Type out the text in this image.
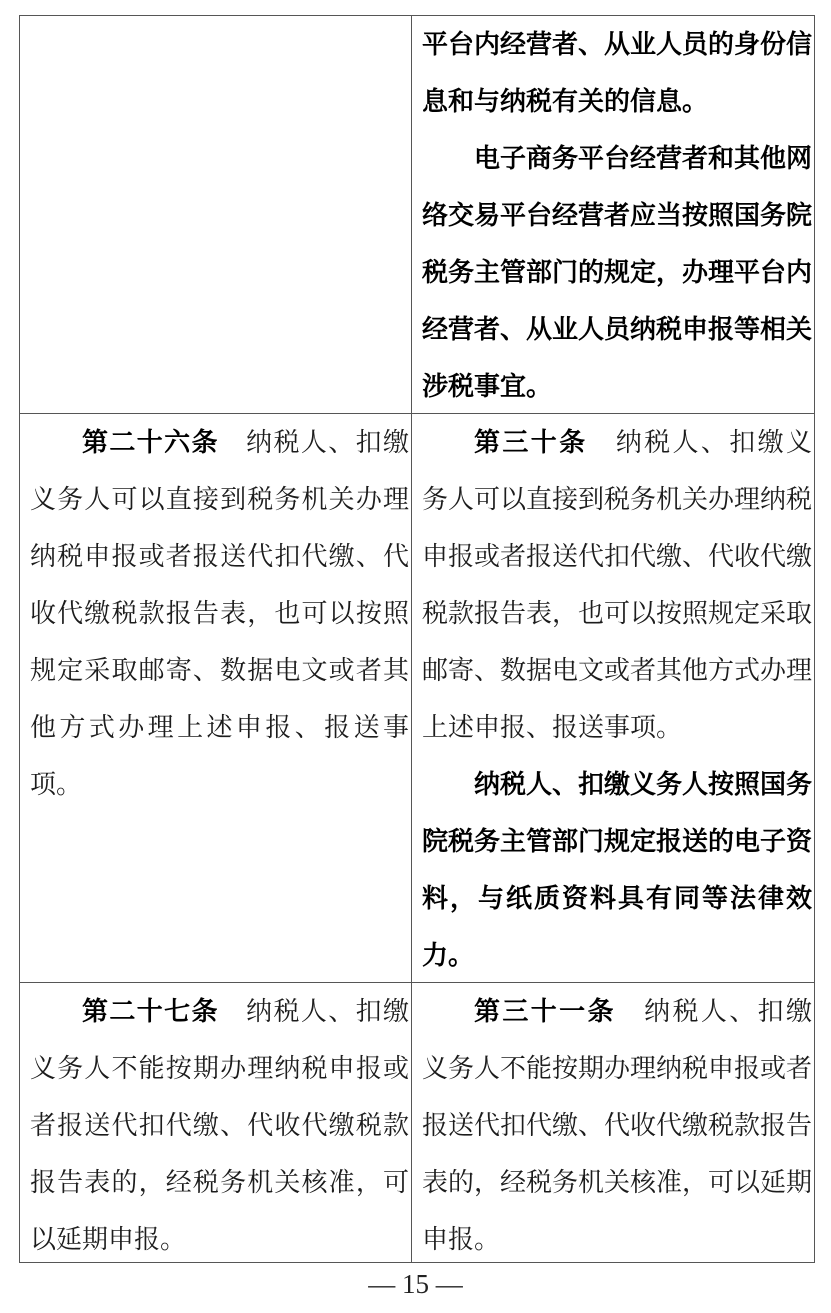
平台内经营者、从业人员的身份信息和与纳税有关的信息。

电子商务平台经营者和其他网络交易平台经营者应当按照国务院税务主管部门的规定，办理平台内经营者、从业人员纳税申报等相关涉税事宜。

第二十六条　纳税人、扣缴义务人可以直接到税务机关办理纳税申报或者报送代扣代缴、代收代缴税款报告表，也可以按照规定采取邮寄、数据电文或者其他方式办理上述申报、报送事项。

第三十条　纳税人、扣缴义务人可以直接到税务机关办理纳税申报或者报送代扣代缴、代收代缴税款报告表，也可以按照规定采取邮寄、数据电文或者其他方式办理上述申报、报送事项。

纳税人、扣缴义务人按照国务院税务主管部门规定报送的电子资料，与纸质资料具有同等法律效力。

第二十七条　纳税人、扣缴义务人不能按期办理纳税申报或者报送代扣代缴、代收代缴税款报告表的，经税务机关核准，可以延期申报。

第三十一条　纳税人、扣缴义务人不能按期办理纳税申报或者报送代扣代缴、代收代缴税款报告表的，经税务机关核准，可以延期申报。

— 15 —
